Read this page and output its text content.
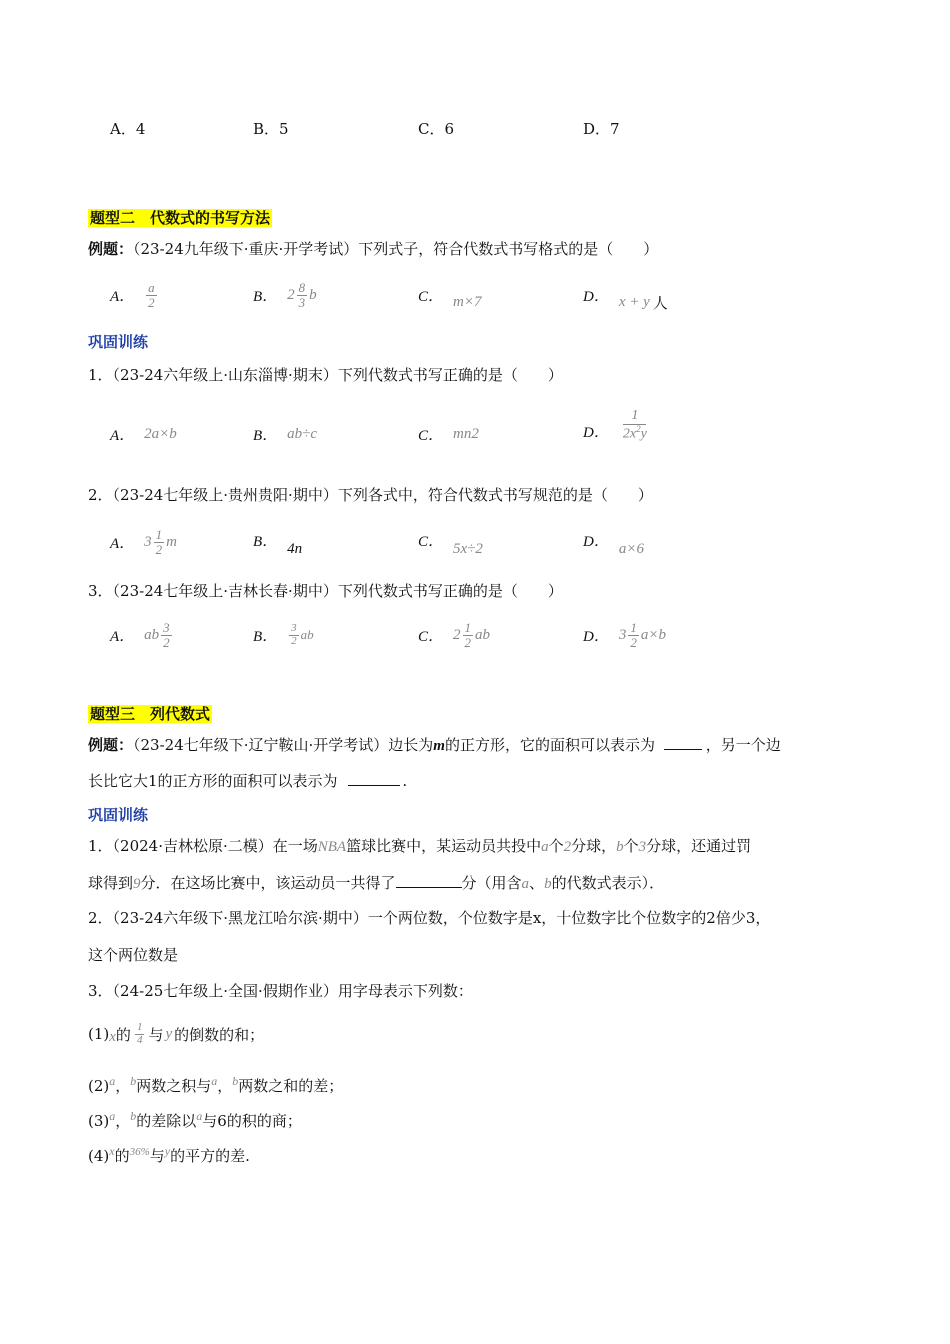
A．4	B．5	C．6	D．7
题型二　代数式的书写方法
例题：（23-24九年级下·重庆·开学考试）下列式子，符合代数式书写格式的是（　　）
A． $\frac{a}{2}$	B． $2 \frac{8}{3}$ b	C． m×7	D． x + y 人
巩固训练
1．（23-24六年级上·山东淄博·期末）下列代数式书写正确的是（　　）
A． 2a×b	B． ab÷c	C． mn2	D． $\frac{1}{2x^2y}$
2．（23-24七年级上·贵州贵阳·期中）下列各式中，符合代数式书写规范的是（　　）
A． $3 \frac{1}{2}$ m	B． 4n	C． 5x÷2	D． a×6
3．（23-24七年级上·吉林长春·期中）下列代数式书写正确的是（　　）
A． ab $\frac{3}{2}$	B． $\frac{3}{2}$ ab	C． $2 \frac{1}{2}$ ab	D． $3 \frac{1}{2} a\times b$
题型三　列代数式
例题：（23-24七年级下·辽宁鞍山·开学考试）边长为m的正方形，它的面积可以表示为	，另一个边
长比它大1的正方形的面积可以表示为	.
巩固训练
1．（2024·吉林松原·二模）在一场NBA篮球比赛中，某运动员共投中a个2分球，b个3分球，还通过罚
球得到9分．在这场比赛中，该运动员一共得了	分（用含a、b的代数式表示）．
2．（23-24六年级下·黑龙江哈尔滨·期中）一个两位数，个位数字是x，十位数字比个位数字的2倍少3，
这个两位数是
3．（24-25七年级上·全国·假期作业）用字母表示下列数：
(1) x 的 $\frac{1}{4}$ 与 y 的倒数的和；
$(2)^a$，$^b$两数之积与$^a$，$^b$两数之和的差；
$(3)^a$，$^b$的差除以$^a$与6的积的商；
$(4)^x$的$^{36\%}$与$^y$的平方的差.
